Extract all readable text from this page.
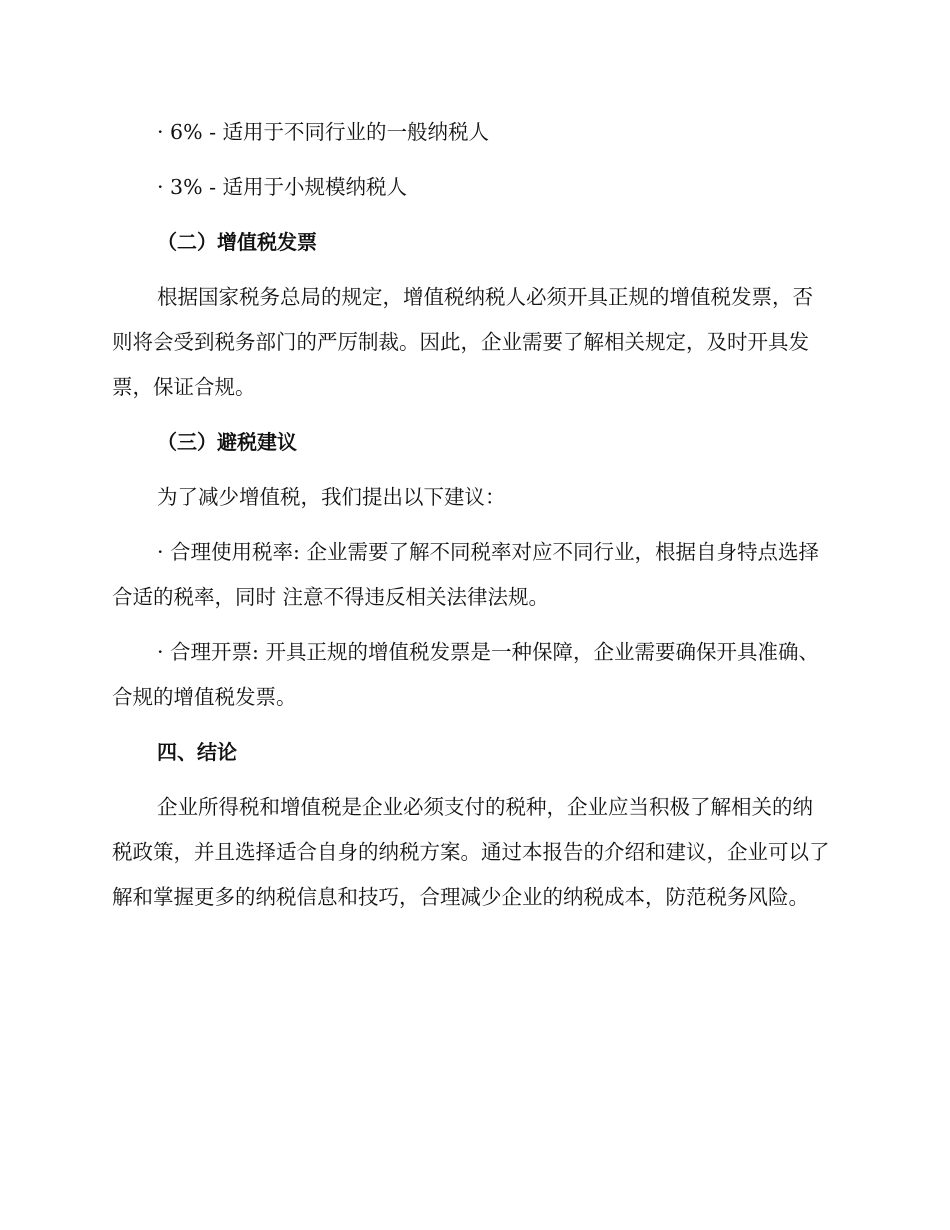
· 6% - 适用于不同行业的一般纳税人

· 3% - 适用于小规模纳税人

（二）增值税发票

根据国家税务总局的规定，增值税纳税人必须开具正规的增值税发票，否则将会受到税务部门的严厉制裁。因此，企业需要了解相关规定，及时开具发票，保证合规。

（三）避税建议

为了减少增值税，我们提出以下建议：

· 合理使用税率: 企业需要了解不同税率对应不同行业，根据自身特点选择合适的税率，同时 注意不得违反相关法律法规。

· 合理开票: 开具正规的增值税发票是一种保障，企业需要确保开具准确、合规的增值税发票。

四、结论

企业所得税和增值税是企业必须支付的税种，企业应当积极了解相关的纳税政策，并且选择适合自身的纳税方案。通过本报告的介绍和建议，企业可以了解和掌握更多的纳税信息和技巧，合理减少企业的纳税成本，防范税务风险。
